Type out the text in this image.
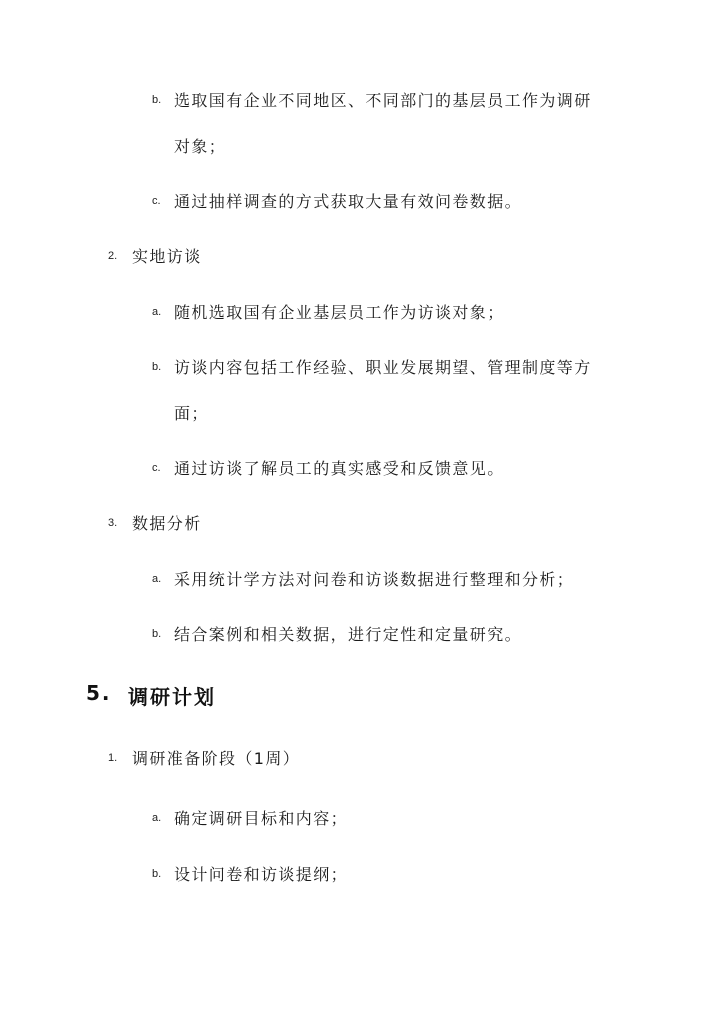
b. 选取国有企业不同地区、不同部门的基层员工作为调研
对象；
c. 通过抽样调查的方式获取大量有效问卷数据。
2. 实地访谈
a. 随机选取国有企业基层员工作为访谈对象；
b. 访谈内容包括工作经验、职业发展期望、管理制度等方
面；
c. 通过访谈了解员工的真实感受和反馈意见。
3. 数据分析
a. 采用统计学方法对问卷和访谈数据进行整理和分析；
b. 结合案例和相关数据，进行定性和定量研究。
5. 调研计划
1. 调研准备阶段（1周）
a. 确定调研目标和内容；
b. 设计问卷和访谈提纲；
